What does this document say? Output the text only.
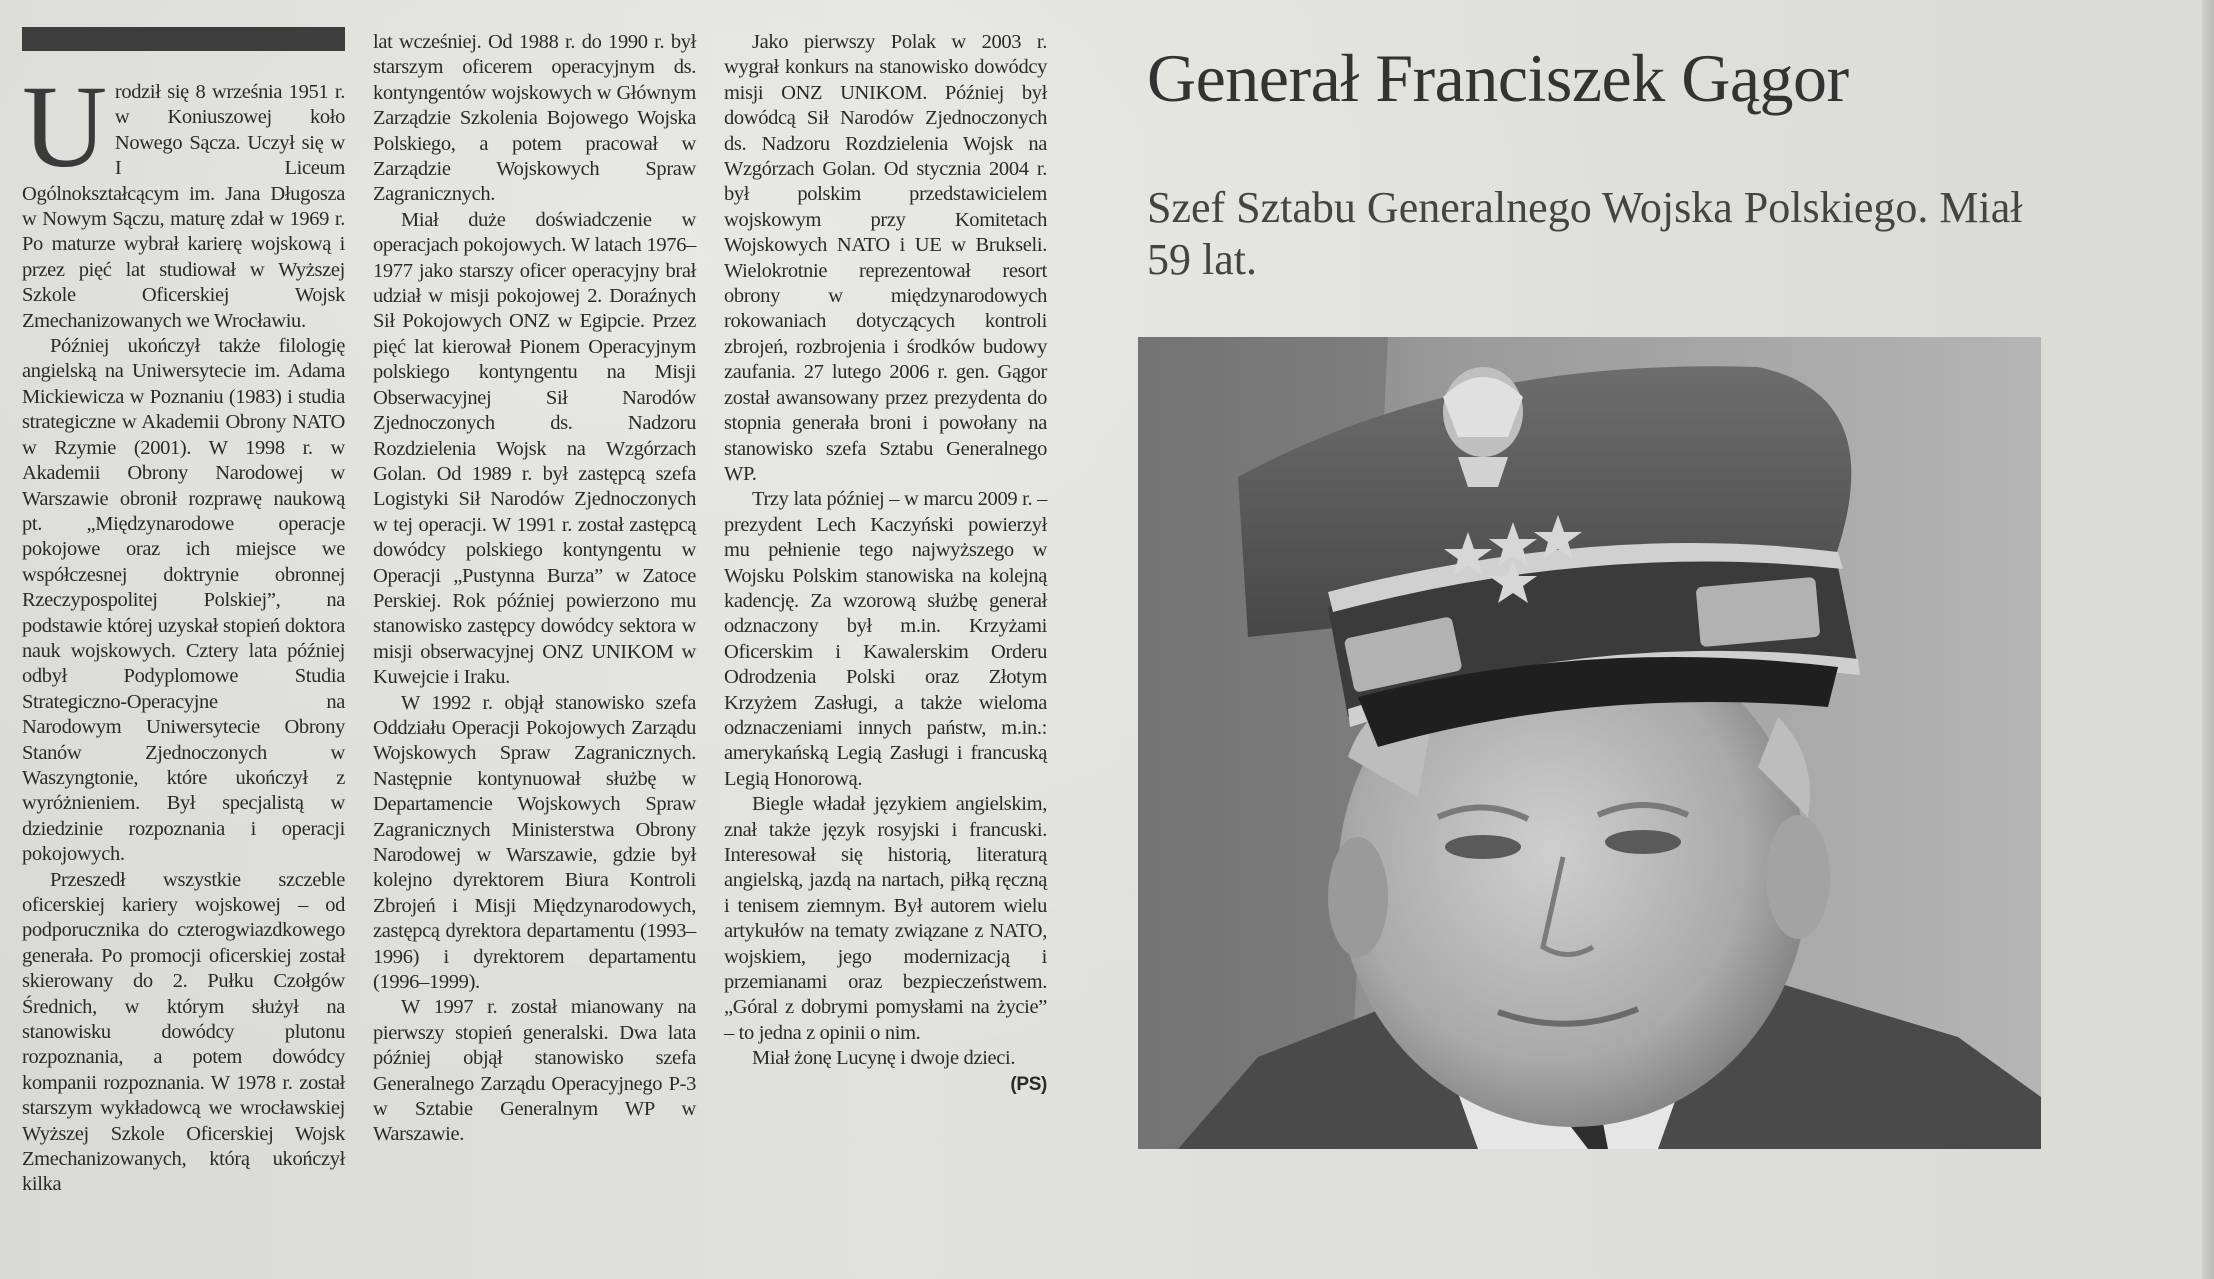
Urodził się 8 września 1951 r. w Koniuszowej koło Nowego Sącza. Uczył się w I Liceum Ogólnokształcącym im. Jana Długosza w Nowym Sączu, maturę zdał w 1969 r. Po maturze wybrał karierę wojskową i przez pięć lat studiował w Wyższej Szkole Oficerskiej Wojsk Zmechanizowanych we Wrocławiu.

Później ukończył także filologię angielską na Uniwersytecie im. Adama Mickiewicza w Poznaniu (1983) i studia strategiczne w Akademii Obrony NATO w Rzymie (2001). W 1998 r. w Akademii Obrony Narodowej w Warszawie obronił rozprawę naukową pt. „Międzynarodowe operacje pokojowe oraz ich miejsce we współczesnej doktrynie obronnej Rzeczypospolitej Polskiej”, na podstawie której uzyskał stopień doktora nauk wojskowych. Cztery lata później odbył Podyplomowe Studia Strategiczno-Operacyjne na Narodowym Uniwersytecie Obrony Stanów Zjednoczonych w Waszyngtonie, które ukończył z wyróżnieniem. Był specjalistą w dziedzinie rozpoznania i operacji pokojowych.

Przeszedł wszystkie szczeble oficerskiej kariery wojskowej – od podporucznika do czterogwiazdkowego generała. Po promocji oficerskiej został skierowany do 2. Pułku Czołgów Średnich, w którym służył na stanowisku dowódcy plutonu rozpoznania, a potem dowódcy kompanii rozpoznania. W 1978 r. został starszym wykładowcą we wrocławskiej Wyższej Szkole Oficerskiej Wojsk Zmechanizowanych, którą ukończył kilka

lat wcześniej. Od 1988 r. do 1990 r. był starszym oficerem operacyjnym ds. kontyngentów wojskowych w Głównym Zarządzie Szkolenia Bojowego Wojska Polskiego, a potem pracował w Zarządzie Wojskowych Spraw Zagranicznych.

Miał duże doświadczenie w operacjach pokojowych. W latach 1976–1977 jako starszy oficer operacyjny brał udział w misji pokojowej 2. Doraźnych Sił Pokojowych ONZ w Egipcie. Przez pięć lat kierował Pionem Operacyjnym polskiego kontyngentu na Misji Obserwacyjnej Sił Narodów Zjednoczonych ds. Nadzoru Rozdzielenia Wojsk na Wzgórzach Golan. Od 1989 r. był zastępcą szefa Logistyki Sił Narodów Zjednoczonych w tej operacji. W 1991 r. został zastępcą dowódcy polskiego kontyngentu w Operacji „Pustynna Burza” w Zatoce Perskiej. Rok później powierzono mu stanowisko zastępcy dowódcy sektora w misji obserwacyjnej ONZ UNIKOM w Kuwejcie i Iraku.

W 1992 r. objął stanowisko szefa Oddziału Operacji Pokojowych Zarządu Wojskowych Spraw Zagranicznych. Następnie kontynuował służbę w Departamencie Wojskowych Spraw Zagranicznych Ministerstwa Obrony Narodowej w Warszawie, gdzie był kolejno dyrektorem Biura Kontroli Zbrojeń i Misji Międzynarodowych, zastępcą dyrektora departamentu (1993–1996) i dyrektorem departamentu (1996–1999).

W 1997 r. został mianowany na pierwszy stopień generalski. Dwa lata później objął stanowisko szefa Generalnego Zarządu Operacyjnego P-3 w Sztabie Generalnym WP w Warszawie.

Jako pierwszy Polak w 2003 r. wygrał konkurs na stanowisko dowódcy misji ONZ UNIKOM. Później był dowódcą Sił Narodów Zjednoczonych ds. Nadzoru Rozdzielenia Wojsk na Wzgórzach Golan. Od stycznia 2004 r. był polskim przedstawicielem wojskowym przy Komitetach Wojskowych NATO i UE w Brukseli. Wielokrotnie reprezentował resort obrony w międzynarodowych rokowaniach dotyczących kontroli zbrojeń, rozbrojenia i środków budowy zaufania. 27 lutego 2006 r. gen. Gągor został awansowany przez prezydenta do stopnia generała broni i powołany na stanowisko szefa Sztabu Generalnego WP.

Trzy lata później – w marcu 2009 r. – prezydent Lech Kaczyński powierzył mu pełnienie tego najwyższego w Wojsku Polskim stanowiska na kolejną kadencję. Za wzorową służbę generał odznaczony był m.in. Krzyżami Oficerskim i Kawalerskim Orderu Odrodzenia Polski oraz Złotym Krzyżem Zasługi, a także wieloma odznaczeniami innych państw, m.in.: amerykańską Legią Zasługi i francuską Legią Honorową.

Biegle władał językiem angielskim, znał także język rosyjski i francuski. Interesował się historią, literaturą angielską, jazdą na nartach, piłką ręczną i tenisem ziemnym. Był autorem wielu artykułów na tematy związane z NATO, wojskiem, jego modernizacją i przemianami oraz bezpieczeństwem. „Góral z dobrymi pomysłami na życie” – to jedna z opinii o nim.

Miał żonę Lucynę i dwoje dzieci.
(PS)

Generał Franciszek Gągor
Szef Sztabu Generalnego Wojska Polskiego. Miał 59 lat.
